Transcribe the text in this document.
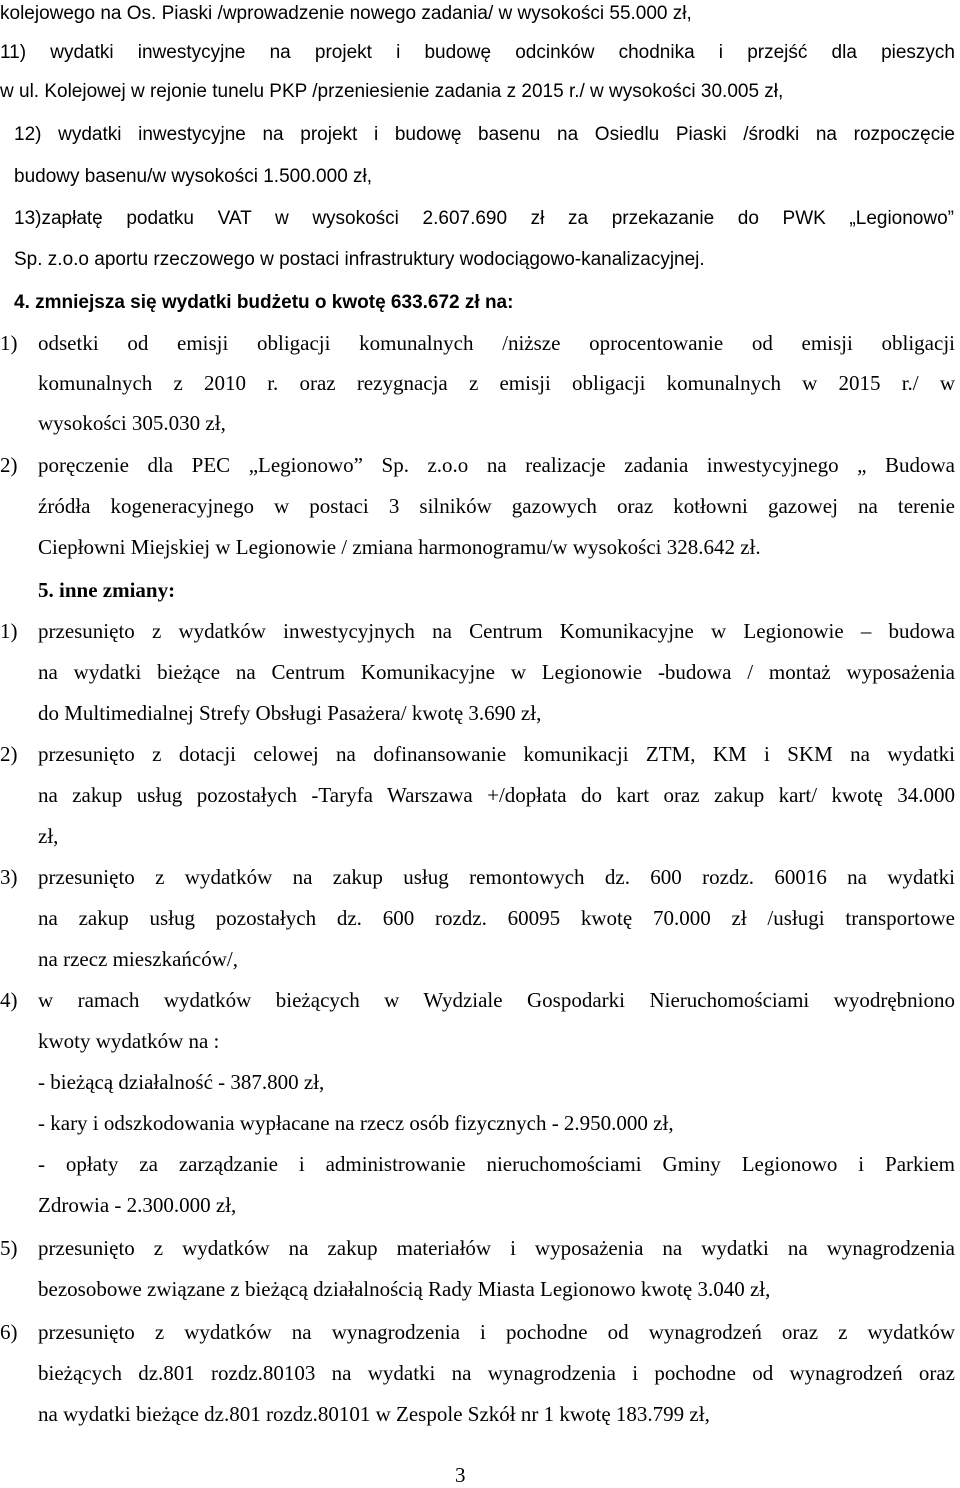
kolejowego na Os. Piaski /wprowadzenie nowego zadania/ w wysokości 55.000 zł,
11) wydatki inwestycyjne na projekt i budowę odcinków chodnika i przejść dla pieszych
w ul. Kolejowej w rejonie tunelu PKP /przeniesienie zadania z 2015 r./ w wysokości 30.005 zł,
12) wydatki inwestycyjne na projekt i budowę basenu na Osiedlu Piaski /środki na rozpoczęcie
budowy basenu/w wysokości 1.500.000 zł,
13)zapłatę podatku VAT w wysokości 2.607.690 zł za przekazanie do PWK „Legionowo”
Sp. z.o.o aportu rzeczowego w postaci infrastruktury wodociągowo-kanalizacyjnej.
4. zmniejsza się wydatki budżetu o kwotę 633.672 zł na:
1) odsetki od emisji obligacji komunalnych /niższe oprocentowanie od emisji obligacji
komunalnych z 2010 r. oraz rezygnacja z emisji obligacji komunalnych w 2015 r./ w
wysokości 305.030 zł,
2) poręczenie dla PEC „Legionowo” Sp. z.o.o na realizacje zadania inwestycyjnego „ Budowa
źródła kogeneracyjnego w postaci 3 silników gazowych oraz kotłowni gazowej na terenie
Ciepłowni Miejskiej w Legionowie / zmiana harmonogramu/w wysokości 328.642 zł.
5. inne zmiany:
1) przesunięto z wydatków inwestycyjnych na Centrum Komunikacyjne w Legionowie – budowa
na wydatki bieżące na Centrum Komunikacyjne w Legionowie -budowa / montaż wyposażenia
do Multimedialnej Strefy Obsługi Pasażera/ kwotę 3.690 zł,
2) przesunięto z dotacji celowej na dofinansowanie komunikacji ZTM, KM i SKM na wydatki
na zakup usług pozostałych -Taryfa Warszawa +/dopłata do kart oraz zakup kart/ kwotę 34.000
zł,
3) przesunięto z wydatków na zakup usług remontowych dz. 600 rozdz. 60016 na wydatki
na zakup usług pozostałych dz. 600 rozdz. 60095 kwotę 70.000 zł /usługi transportowe
na rzecz mieszkańców/,
4) w ramach wydatków bieżących w Wydziale Gospodarki Nieruchomościami wyodrębniono
kwoty wydatków na :
- bieżącą działalność - 387.800 zł,
- kary i odszkodowania wypłacane na rzecz osób fizycznych - 2.950.000 zł,
- opłaty za zarządzanie i administrowanie nieruchomościami Gminy Legionowo i Parkiem
Zdrowia - 2.300.000 zł,
5) przesunięto z wydatków na zakup materiałów i wyposażenia na wydatki na wynagrodzenia
bezosobowe związane z bieżącą działalnością Rady Miasta Legionowo kwotę 3.040 zł,
6) przesunięto z wydatków na wynagrodzenia i pochodne od wynagrodzeń oraz z wydatków
bieżących dz.801 rozdz.80103 na wydatki na wynagrodzenia i pochodne od wynagrodzeń oraz
na wydatki bieżące dz.801 rozdz.80101 w Zespole Szkół nr 1 kwotę 183.799 zł,
3
